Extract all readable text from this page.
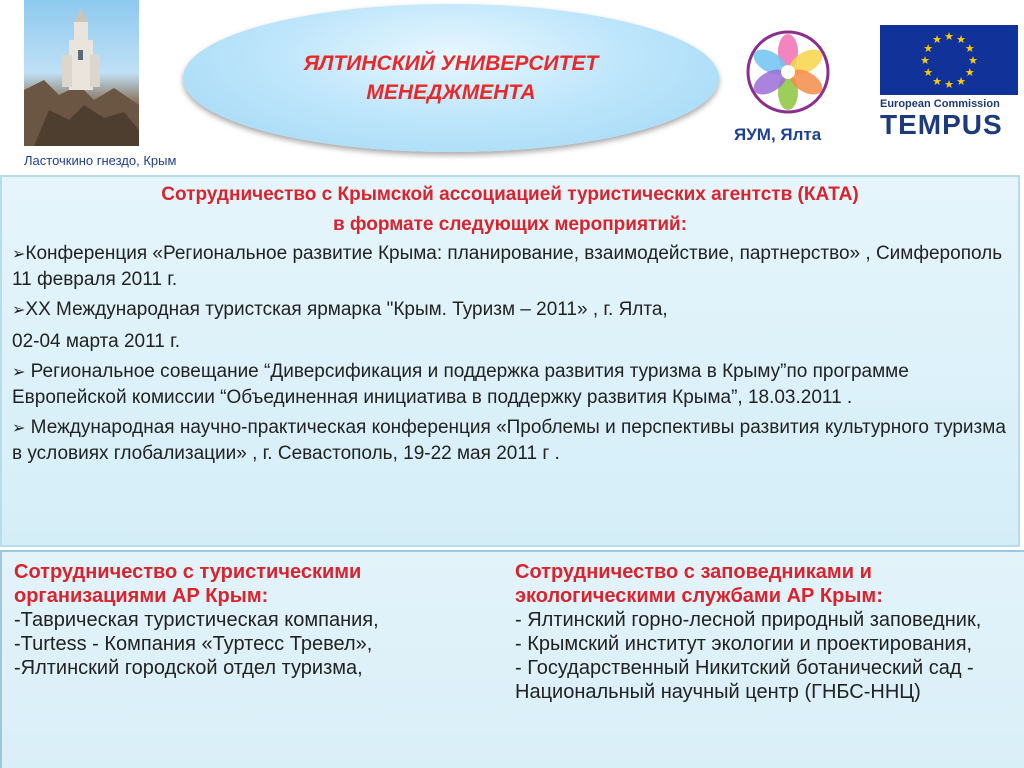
Ласточкино гнездо, Крым
ЯЛТИНСКИЙ УНИВЕРСИТЕТ
МЕНЕДЖМЕНТА
ЯУМ, Ялта
★ ★
★
★
★
★
★
★
★
★
★
★
European Commission
TEMPUS
Сотрудничество с Крымской ассоциацией туристических агентств (КАТА)
в формате следующих мероприятий:
➢Конференция «Региональное развитие Крыма: планирование, взаимодействие, партнерство» , Симферополь 11 февраля 2011 г.
➢XX Международная туристская ярмарка "Крым. Туризм – 2011» , г. Ялта,
02-04 марта 2011 г.
➢ Региональное совещание “Диверсификация и поддержка развития туризма в Крыму”по программе Европейской комиссии “Объединенная инициатива в поддержку развития Крыма”, 18.03.2011 .
➢ Международная научно-практическая конференция «Проблемы и перспективы развития культурного туризма в условиях глобализации» , г. Севастополь, 19-22 мая 2011 г .
Сотрудничество с туристическими организациями АР Крым:
-Таврическая туристическая компания,
-Turtess - Компания «Туртесс Тревел»,
-Ялтинский городской отдел туризма,
Сотрудничество с заповедниками и экологическими службами АР Крым:
- Ялтинский горно-лесной природный заповедник,
- Крымский институт экологии и проектирования,
- Государственный Никитский ботанический сад - Национальный научный центр (ГНБС-ННЦ)
